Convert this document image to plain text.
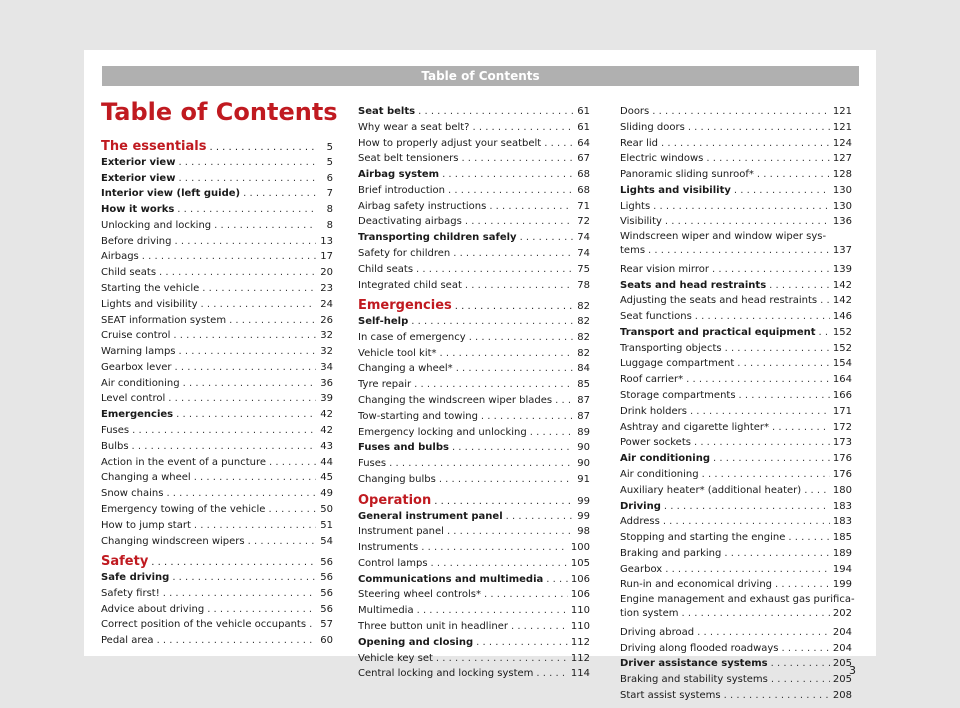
Table of Contents
Table of Contents
The essentials . . .	5
Exterior view . . .	5
Exterior view . . .	6
Interior view (left guide) . . .	7
How it works . . .	8
Unlocking and locking . . .	8
Before driving . . .	13
Airbags . . .	17
Child seats . . .	20
Starting the vehicle . . .	23
Lights and visibility . . .	24
SEAT information system . . .	26
Cruise control . . .	32
Warning lamps . . .	32
Gearbox lever . . .	34
Air conditioning . . .	36
Level control . . .	39
Emergencies . . .	42
Fuses . . .	42
Bulbs . . .	43
Action in the event of a puncture . . .	44
Changing a wheel . . .	45
Snow chains . . .	49
Emergency towing of the vehicle . . .	50
How to jump start . . .	51
Changing windscreen wipers . . .	54
Safety . . .	56
Safe driving . . .	56
Safety first! . . .	56
Advice about driving . . .	56
Correct position of the vehicle occupants . . . 57
Pedal area . . .	60
Seat belts . . .	61
Why wear a seat belt? . . .	61
How to properly adjust your seatbelt . . .	64
Seat belt tensioners . . .	67
Airbag system . . .	68
Brief introduction . . .	68
Airbag safety instructions . . .	71
Deactivating airbags . . .	72
Transporting children safely . . .	74
Safety for children . . .	74
Child seats . . .	75
Integrated child seat . . .	78
Emergencies . . .	82
Self-help . . .	82
In case of emergency . . .	82
Vehicle tool kit* . . .	82
Changing a wheel* . . .	84
Tyre repair . . .	85
Changing the windscreen wiper blades . . .	87
Tow-starting and towing . . .	87
Emergency locking and unlocking . . .	89
Fuses and bulbs . . .	90
Fuses . . .	90
Changing bulbs . . .	91
Operation . . .	99
General instrument panel . . .	99
Instrument panel . . .	98
Instruments . . .	100
Control lamps . . .	105
Communications and multimedia . . .	106
Steering wheel controls* . . .	106
Multimedia . . .	110
Three button unit in headliner . . .	110
Opening and closing . . .	112
Vehicle key set . . .	112
Central locking and locking system . . .	114
Doors . . .	121
Sliding doors . . .	121
Rear lid . . .	124
Electric windows . . .	127
Panoramic sliding sunroof* . . .	128
Lights and visibility . . .	130
Lights . . .	130
Visibility . . .	136
Windscreen wiper and window wiper sys-
tems . . .	137
Rear vision mirror . . .	139
Seats and head restraints . . .	142
Adjusting the seats and head restraints . . . 142
Seat functions . . .	146
Transport and practical equipment . . . 152
Transporting objects . . .	152
Luggage compartment . . .	154
Roof carrier* . . .	164
Storage compartments . . .	166
Drink holders . . .	171
Ashtray and cigarette lighter* . . .	172
Power sockets . . .	173
Air conditioning . . .	176
Air conditioning . . .	176
Auxiliary heater* (additional heater) . . .	180
Driving . . .	183
Address . . .	183
Stopping and starting the engine . . .	185
Braking and parking . . .	189
Gearbox . . .	194
Run-in and economical driving . . .	199
Engine management and exhaust gas purifica-
tion system . . .	202
Driving abroad . . .	204
Driving along flooded roadways . . .	204
Driver assistance systems . . .	205
Braking and stability systems . . .	205
Start assist systems . . .	208
3
